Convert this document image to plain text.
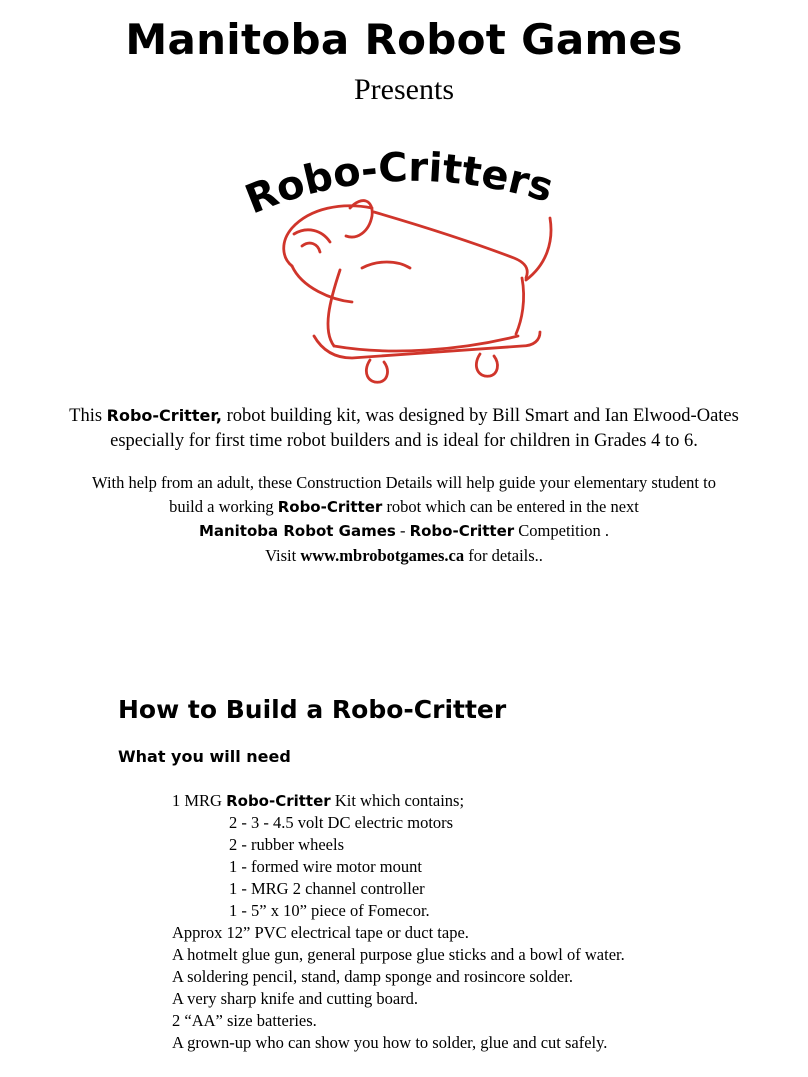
Manitoba Robot Games
Presents
Robo-Critters
This Robo-Critter, robot building kit, was designed by Bill Smart and Ian Elwood-Oates
especially for first time robot builders and is ideal for children in Grades 4 to 6.
With help from an adult, these Construction Details will help guide your elementary student to
build a working Robo-Critter robot which can be entered in the next
Manitoba Robot Games - Robo-Critter Competition .
Visit www.mbrobotgames.ca for details..
How to Build a Robo-Critter
What you will need
1 MRG Robo-Critter Kit which contains;
2 - 3 - 4.5 volt DC electric motors
2 - rubber wheels
1 - formed wire motor mount
1 - MRG 2 channel controller
1 - 5” x 10” piece of Fomecor.
Approx 12” PVC electrical tape or duct tape.
A hotmelt glue gun, general purpose glue sticks and a bowl of water.
A soldering pencil, stand, damp sponge and rosincore solder.
A very sharp knife and cutting board.
2 “AA” size batteries.
A grown-up who can show you how to solder, glue and cut safely.
